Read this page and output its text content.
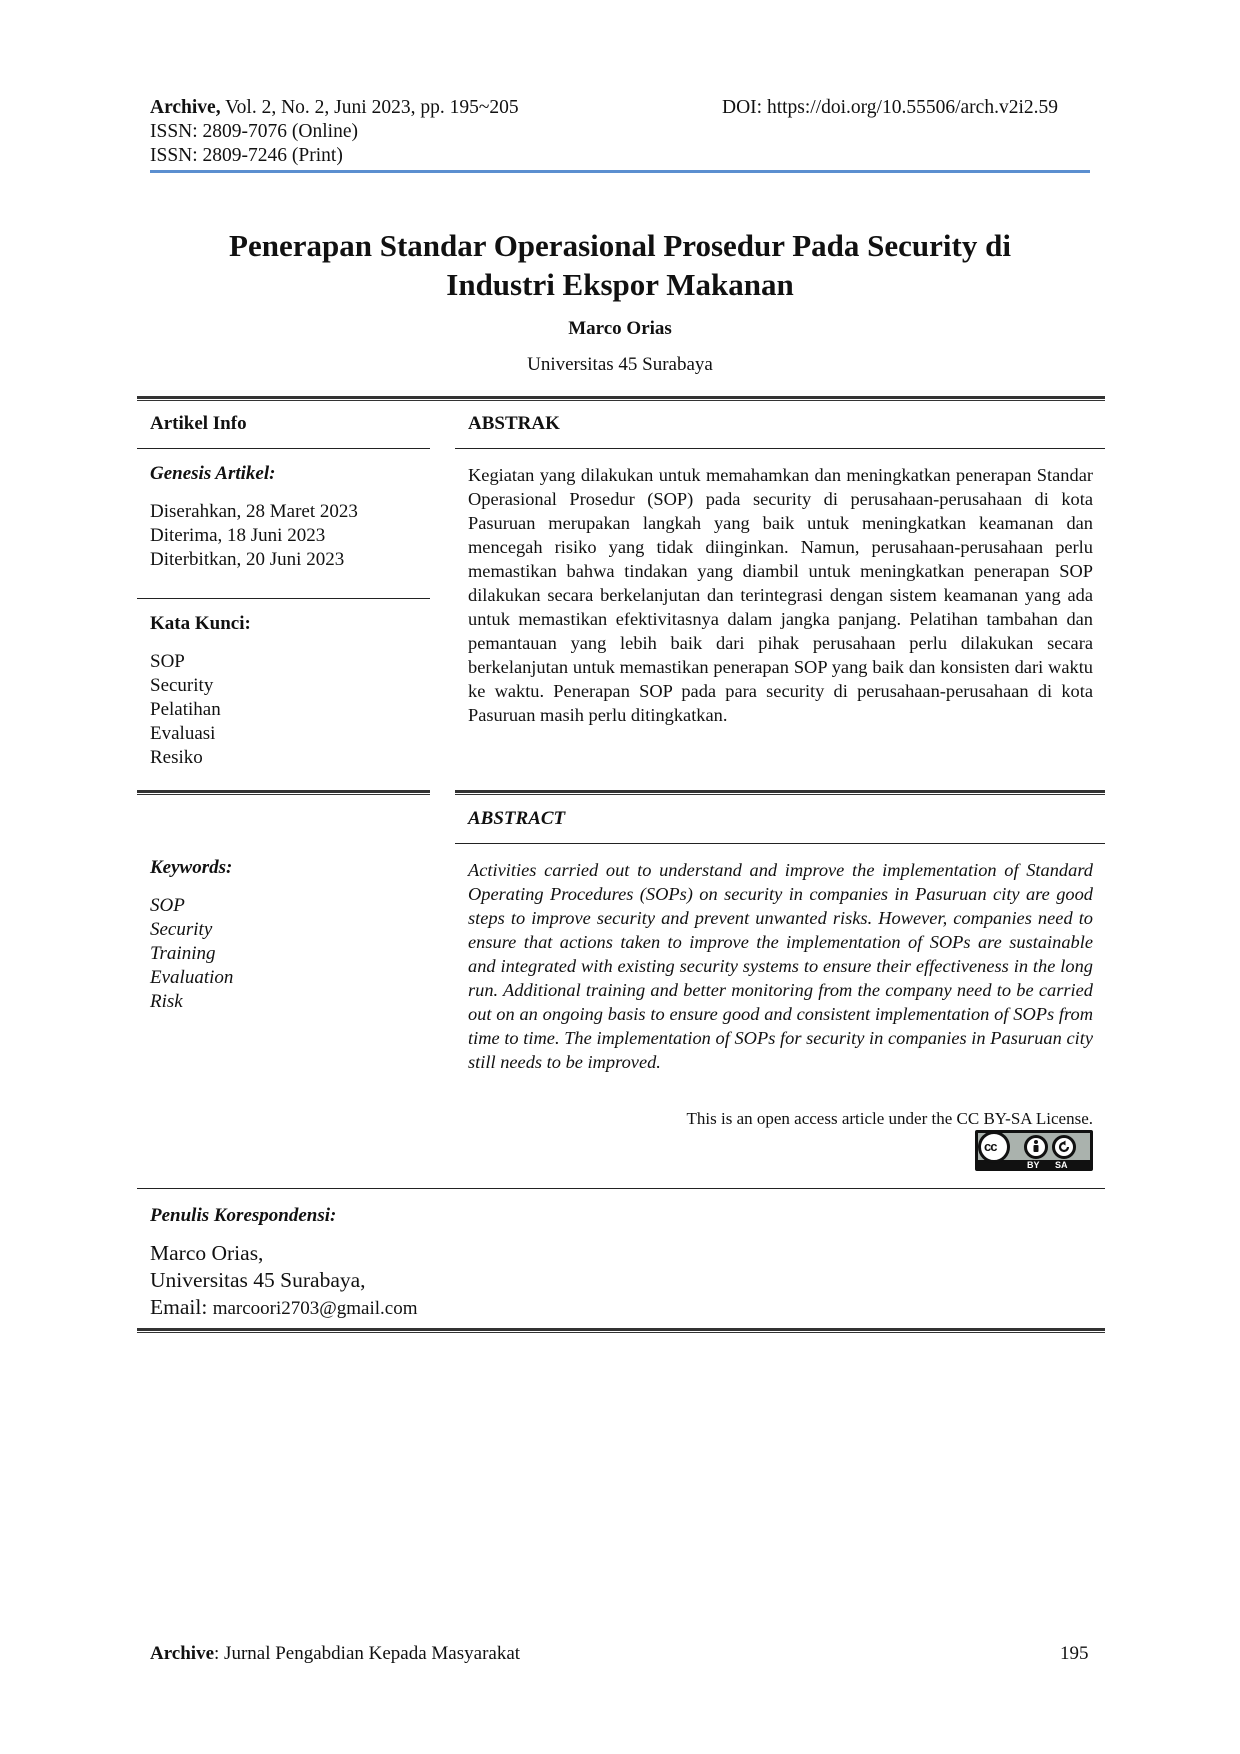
Archive, Vol. 2, No. 2, Juni 2023, pp. 195~205	DOI: https://doi.org/10.55506/arch.v2i2.59
ISSN: 2809-7076 (Online)
ISSN: 2809-7246 (Print)
Penerapan Standar Operasional Prosedur Pada Security di
Industri Ekspor Makanan
Marco Orias
Universitas 45 Surabaya
Artikel Info
Genesis Artikel:
Diserahkan, 28 Maret 2023
Diterima, 18 Juni 2023
Diterbitkan, 20 Juni 2023
Kata Kunci:
SOP
Security
Pelatihan
Evaluasi
Resiko
Keywords:
SOP
Security
Training
Evaluation
Risk
ABSTRAK

Kegiatan yang dilakukan untuk memahamkan dan meningkatkan penerapan Standar Operasional Prosedur (SOP) pada security di perusahaan-perusahaan di kota Pasuruan merupakan langkah yang baik untuk meningkatkan keamanan dan mencegah risiko yang tidak diinginkan. Namun, perusahaan-perusahaan perlu memastikan bahwa tindakan yang diambil untuk meningkatkan penerapan SOP dilakukan secara berkelanjutan dan terintegrasi dengan sistem keamanan yang ada untuk memastikan efektivitasnya dalam jangka panjang. Pelatihan tambahan dan pemantauan yang lebih baik dari pihak perusahaan perlu dilakukan secara berkelanjutan untuk memastikan penerapan SOP yang baik dan konsisten dari waktu ke waktu. Penerapan SOP pada para security di perusahaan-perusahaan di kota Pasuruan masih perlu ditingkatkan.

ABSTRACT

Activities carried out to understand and improve the implementation of Standard Operating Procedures (SOPs) on security in companies in Pasuruan city are good steps to improve security and prevent unwanted risks. However, companies need to ensure that actions taken to improve the implementation of SOPs are sustainable and integrated with existing security systems to ensure their effectiveness in the long run. Additional training and better monitoring from the company need to be carried out on an ongoing basis to ensure good and consistent implementation of SOPs from time to time. The implementation of SOPs for security in companies in Pasuruan city still needs to be improved.

This is an open access article under the CC BY-SA License.
cc
BY SA
Penulis Korespondensi:
Marco Orias,
Universitas 45 Surabaya,
Email: marcoori2703@gmail.com
Archive: Jurnal Pengabdian Kepada Masyarakat	195
